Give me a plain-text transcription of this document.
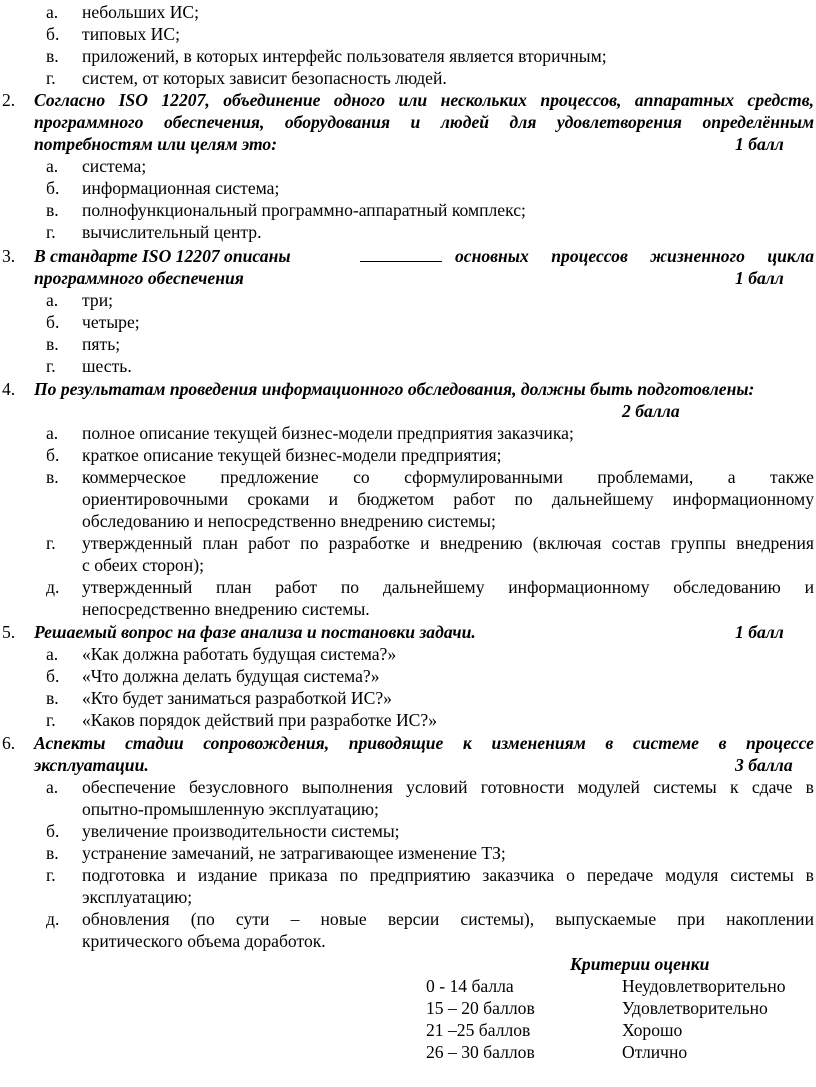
а. небольших ИС;
б. типовых ИС;
в. приложений, в которых интерфейс пользователя является вторичным;
г. систем, от которых зависит безопасность людей.
2. Согласно ISO 12207, объединение одного или нескольких процессов, аппаратных средств,
программного обеспечения, оборудования и людей для удовлетворения определённым
потребностям или целям это:	1 балл
а. система;
б. информационная система;
в. полнофункциональный программно-аппаратный комплекс;
г. вычислительный центр.
3. В стандарте ISO 12207 описаны	основных процессов жизненного цикла
программного обеспечения	1 балл
а. три;
б. четыре;
в. пять;
г. шесть.
4. По результатам проведения информационного обследования, должны быть подготовлены:
2 балла
а. полное описание текущей бизнес-модели предприятия заказчика;
б. краткое описание текущей бизнес-модели предприятия;
в. коммерческое предложение со сформулированными проблемами, а также
ориентировочными сроками и бюджетом работ по дальнейшему информационному
обследованию и непосредственно внедрению системы;
г. утвержденный план работ по разработке и внедрению (включая состав группы внедрения
с обеих сторон);
д. утвержденный план работ по дальнейшему информационному обследованию и
непосредственно внедрению системы.
5. Решаемый вопрос на фазе анализа и постановки задачи.	1 балл
а. «Как должна работать будущая система?»
б. «Что должна делать будущая система?»
в. «Кто будет заниматься разработкой ИС?»
г. «Каков порядок действий при разработке ИС?»
6. Аспекты стадии сопровождения, приводящие к изменениям в системе в процессе
эксплуатации.	3 балла
а. обеспечение безусловного выполнения условий готовности модулей системы к сдаче в
опытно-промышленную эксплуатацию;
б. увеличение производительности системы;
в. устранение замечаний, не затрагивающее изменение ТЗ;
г. подготовка и издание приказа по предприятию заказчика о передаче модуля системы в
эксплуатацию;
д. обновления (по сути – новые версии системы), выпускаемые при накоплении
критического объема доработок.
Критерии оценки
0 - 14 балла	Неудовлетворительно
15 – 20 баллов	Удовлетворительно
21 –25 баллов	Хорошо
26 – 30 баллов	Отлично
